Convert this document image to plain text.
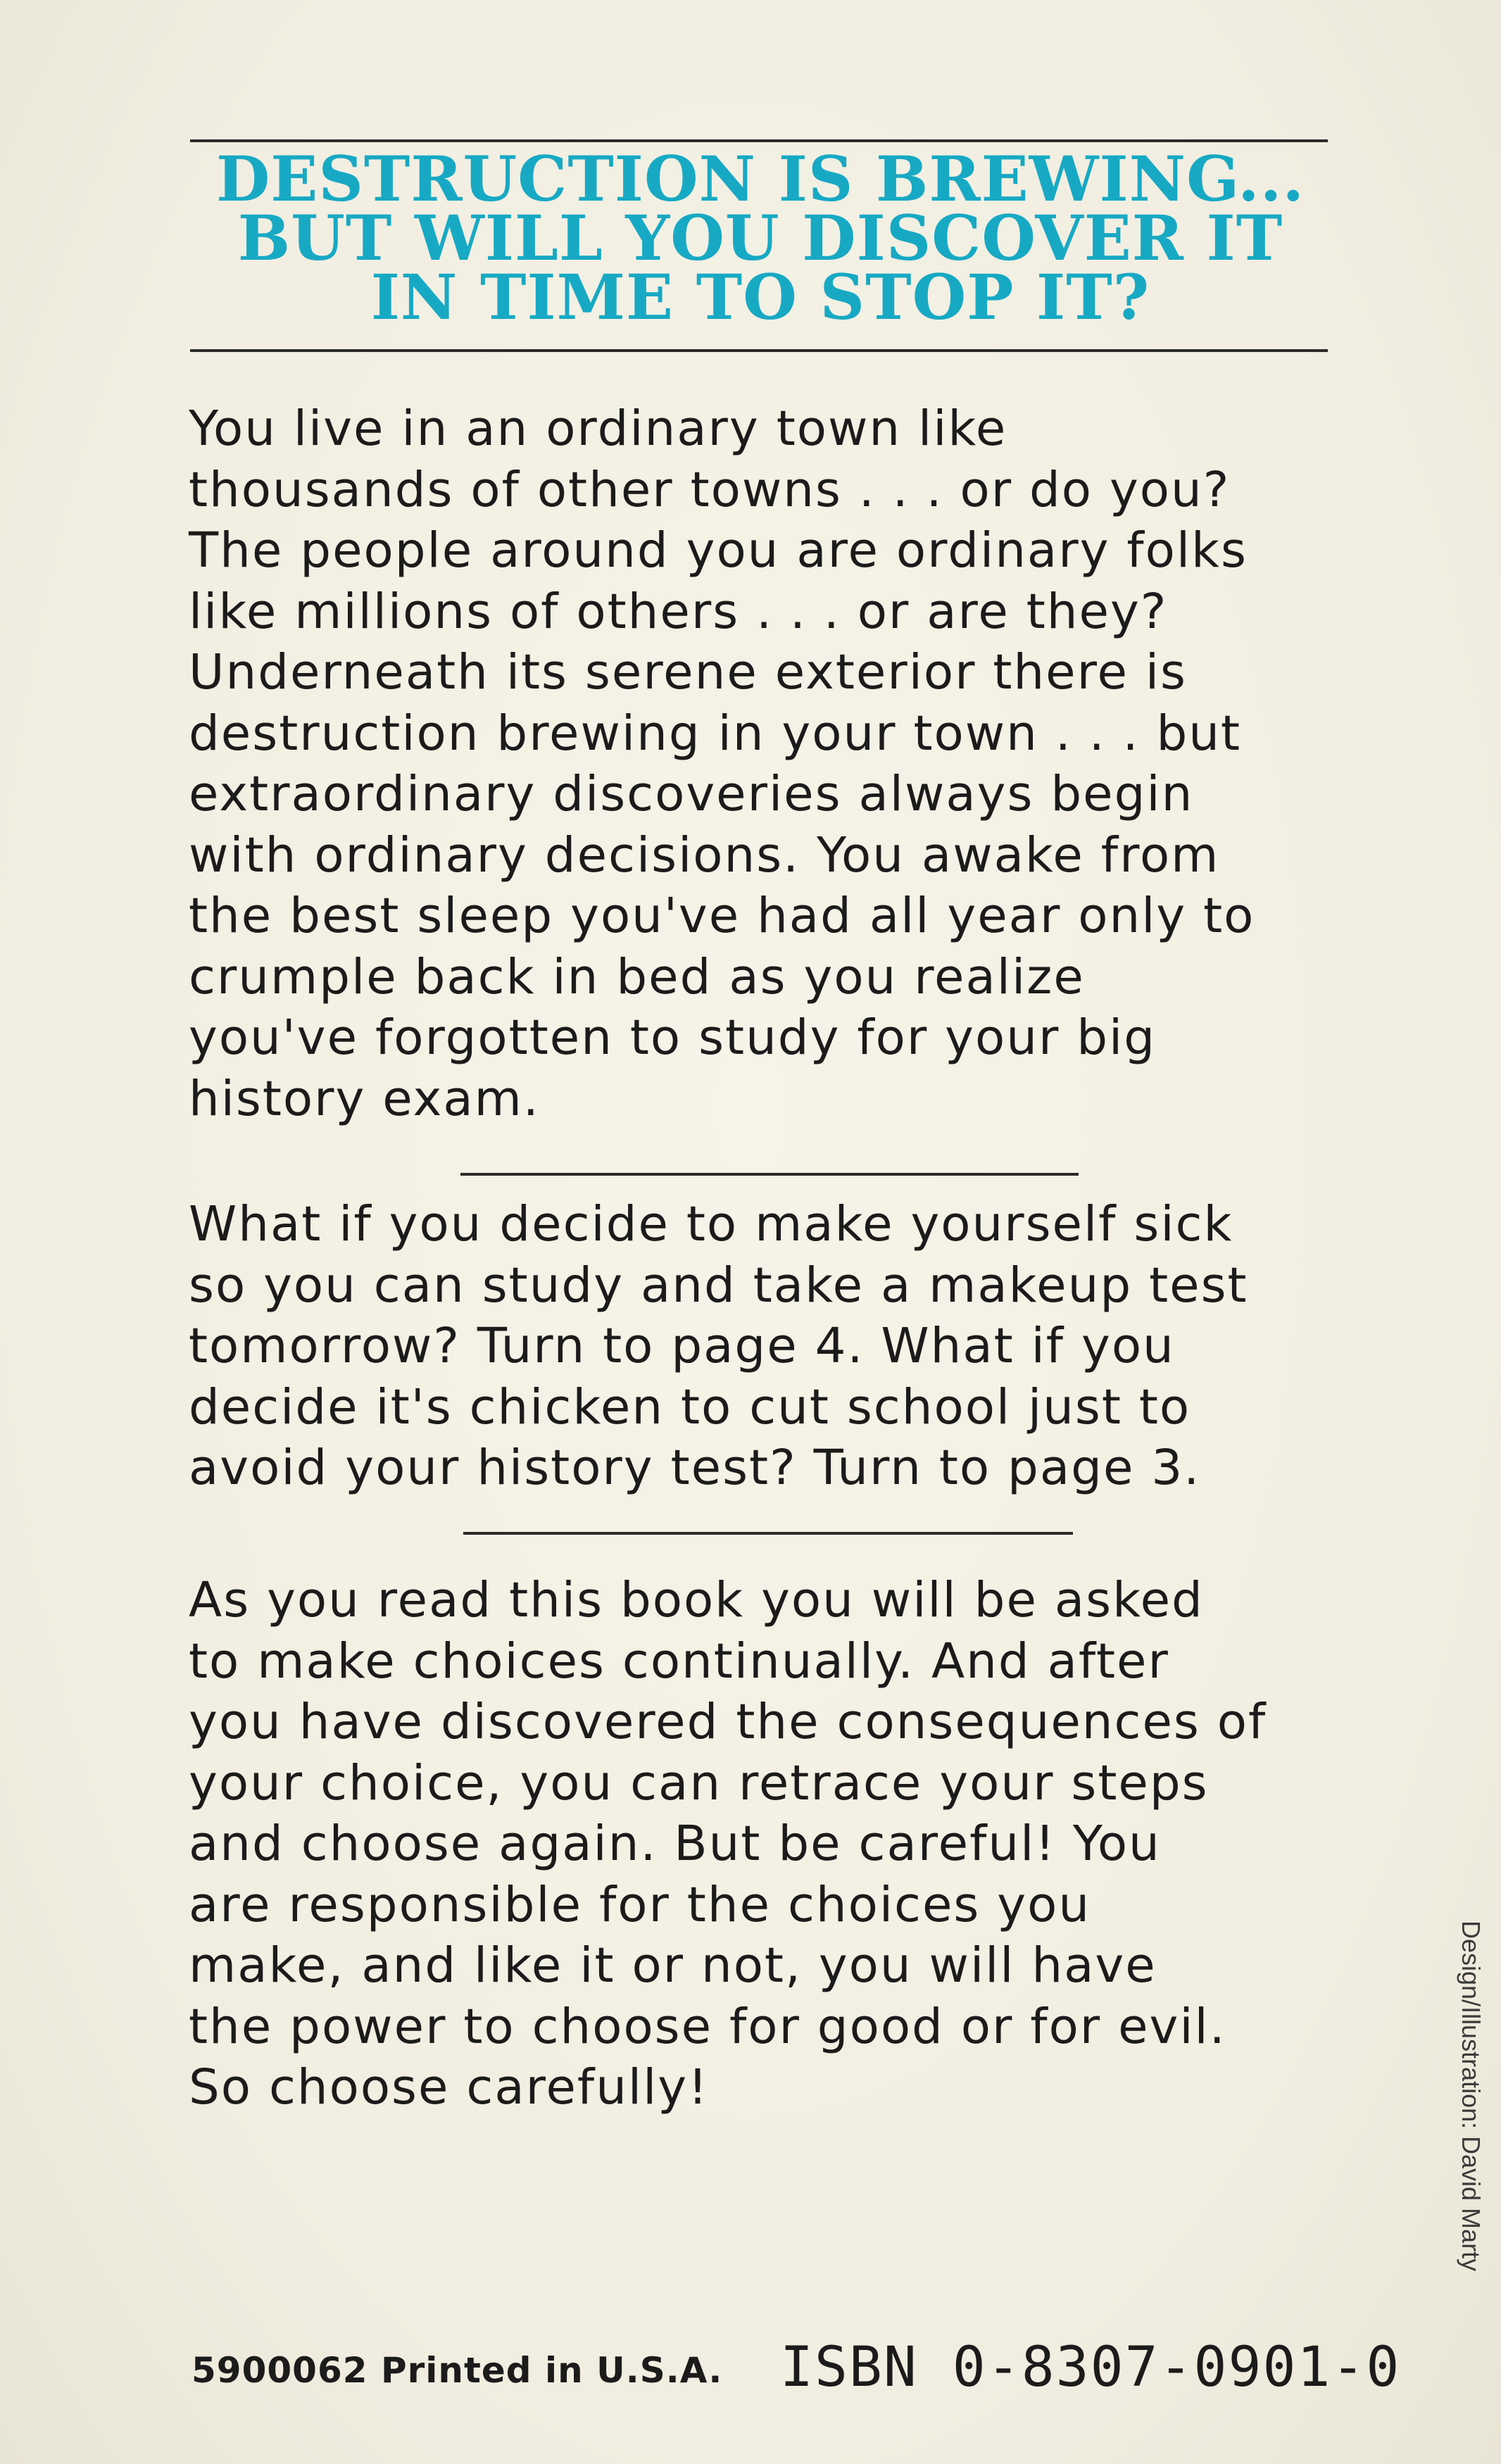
DESTRUCTION IS BREWING...
BUT WILL YOU DISCOVER IT
IN TIME TO STOP IT?

You live in an ordinary town like
thousands of other towns . . . or do you?
The people around you are ordinary folks
like millions of others . . . or are they?
Underneath its serene exterior there is
destruction brewing in your town . . . but
extraordinary discoveries always begin
with ordinary decisions. You awake from
the best sleep you've had all year only to
crumple back in bed as you realize
you've forgotten to study for your big
history exam.

What if you decide to make yourself sick
so you can study and take a makeup test
tomorrow? Turn to page 4. What if you
decide it's chicken to cut school just to
avoid your history test? Turn to page 3.

As you read this book you will be asked
to make choices continually. And after
you have discovered the consequences of
your choice, you can retrace your steps
and choose again. But be careful! You
are responsible for the choices you
make, and like it or not, you will have
the power to choose for good or for evil.
So choose carefully!

5900062 Printed in U.S.A. ISBN 0-8307-0901-0
Design/Illustration: David Marty
